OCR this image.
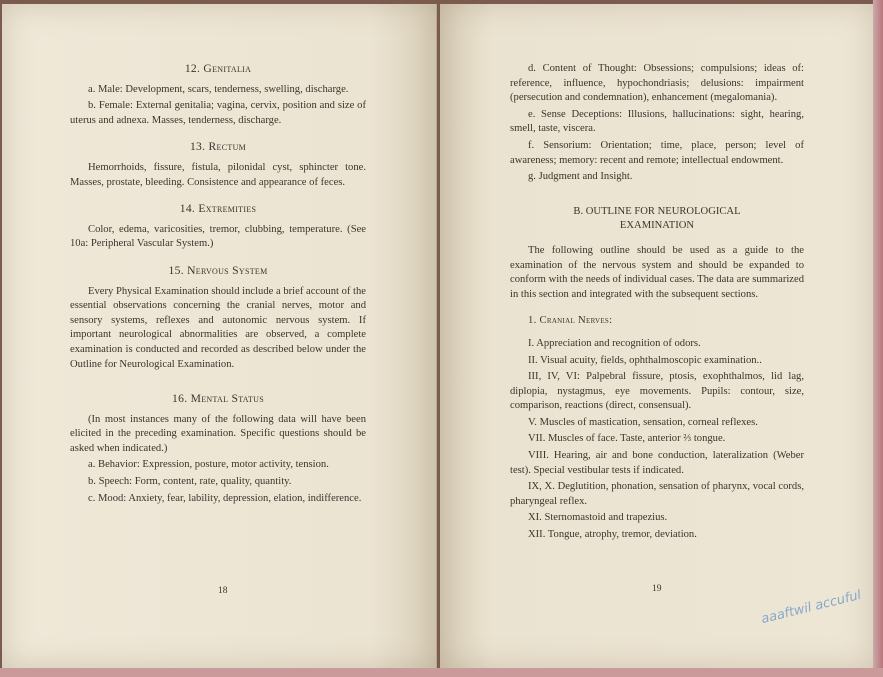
12. Genitalia

a. Male: Development, scars, tenderness, swelling, discharge.

b. Female: External genitalia; vagina, cervix, position and size of uterus and adnexa. Masses, tenderness, discharge.

13. Rectum

Hemorrhoids, fissure, fistula, pilonidal cyst, sphincter tone. Masses, prostate, bleeding. Consistence and appearance of feces.

14. Extremities

Color, edema, varicosities, tremor, clubbing, temperature. (See 10a: Peripheral Vascular System.)

15. Nervous System

Every Physical Examination should include a brief account of the essential observations concerning the cranial nerves, motor and sensory systems, reflexes and autonomic nervous system. If important neurological abnormalities are observed, a complete examination is conducted and recorded as described below under the Outline for Neurological Examination.

16. Mental Status

(In most instances many of the following data will have been elicited in the preceding examination. Specific questions should be asked when indicated.)

a. Behavior: Expression, posture, motor activity, tension.

b. Speech: Form, content, rate, quality, quantity.

c. Mood: Anxiety, fear, lability, depression, elation, indifference.

18

d. Content of Thought: Obsessions; compulsions; ideas of: reference, influence, hypochondriasis; delusions: impairment (persecution and condemnation), enhancement (megalomania).

e. Sense Deceptions: Illusions, hallucinations: sight, hearing, smell, taste, viscera.

f. Sensorium: Orientation; time, place, person; level of awareness; memory: recent and remote; intellectual endowment.

g. Judgment and Insight.

B. OUTLINE FOR NEUROLOGICAL EXAMINATION

The following outline should be used as a guide to the examination of the nervous system and should be expanded to conform with the needs of individual cases. The data are summarized in this section and integrated with the subsequent sections.

1. Cranial Nerves:

I. Appreciation and recognition of odors.

II. Visual acuity, fields, ophthalmoscopic examination..

III, IV, VI: Palpebral fissure, ptosis, exophthalmos, lid lag, diplopia, nystagmus, eye movements. Pupils: contour, size, comparison, reactions (direct, consensual).

V. Muscles of mastication, sensation, corneal reflexes.

VII. Muscles of face. Taste, anterior ⅔ tongue.

VIII. Hearing, air and bone conduction, lateralization (Weber test). Special vestibular tests if indicated.

IX, X. Deglutition, phonation, sensation of pharynx, vocal cords, pharyngeal reflex.

XI. Sternomastoid and trapezius.

XII. Tongue, atrophy, tremor, deviation.

19	aaaftwil accuful
